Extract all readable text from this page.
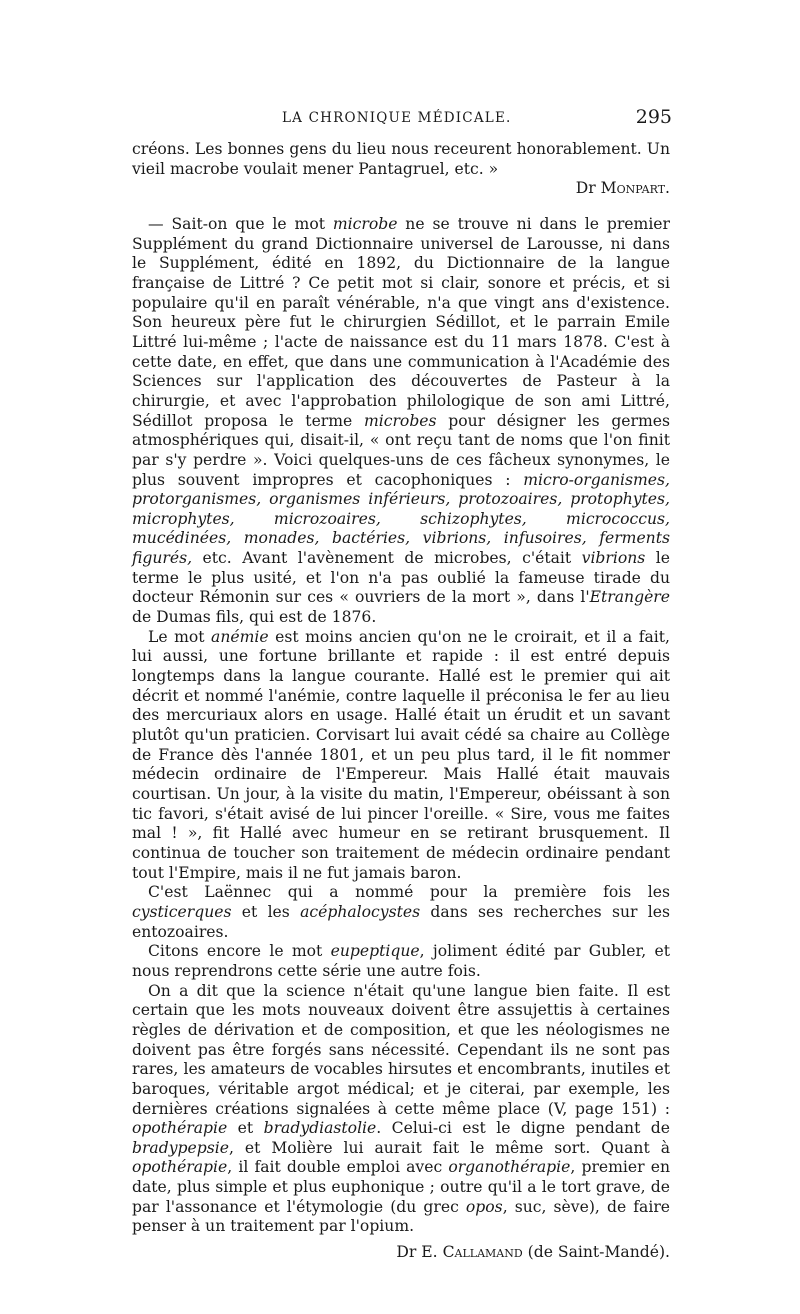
LA CHRONIQUE MÉDICALE.	295

créons. Les bonnes gens du lieu nous receurent honorablement. Un vieil macrobe voulait mener Pantagruel, etc. »

Dr Monpart.

— Sait-on que le mot microbe ne se trouve ni dans le premier Supplément du grand Dictionnaire universel de Larousse, ni dans le Supplément, édité en 1892, du Dictionnaire de la langue française de Littré ? Ce petit mot si clair, sonore et précis, et si populaire qu'il en paraît vénérable, n'a que vingt ans d'existence. Son heureux père fut le chirurgien Sédillot, et le parrain Emile Littré lui-même ; l'acte de naissance est du 11 mars 1878. C'est à cette date, en effet, que dans une communication à l'Académie des Sciences sur l'application des découvertes de Pasteur à la chirurgie, et avec l'approbation philologique de son ami Littré, Sédillot proposa le terme microbes pour désigner les germes atmosphériques qui, disait-il, « ont reçu tant de noms que l'on finit par s'y perdre ». Voici quelques-uns de ces fâcheux synonymes, le plus souvent impropres et cacophoniques : micro-organismes, protorganismes, organismes inférieurs, protozoaires, protophytes, microphytes, microzoaires, schizophytes, micrococcus, mucédinées, monades, bactéries, vibrions, infusoires, ferments figurés, etc. Avant l'avènement de microbes, c'était vibrions le terme le plus usité, et l'on n'a pas oublié la fameuse tirade du docteur Rémonin sur ces « ouvriers de la mort », dans l'Etrangère de Dumas fils, qui est de 1876.

Le mot anémie est moins ancien qu'on ne le croirait, et il a fait, lui aussi, une fortune brillante et rapide : il est entré depuis longtemps dans la langue courante. Hallé est le premier qui ait décrit et nommé l'anémie, contre laquelle il préconisa le fer au lieu des mercuriaux alors en usage. Hallé était un érudit et un savant plutôt qu'un praticien. Corvisart lui avait cédé sa chaire au Collège de France dès l'année 1801, et un peu plus tard, il le fit nommer médecin ordinaire de l'Empereur. Mais Hallé était mauvais courtisan. Un jour, à la visite du matin, l'Empereur, obéissant à son tic favori, s'était avisé de lui pincer l'oreille. « Sire, vous me faites mal ! », fit Hallé avec humeur en se retirant brusquement. Il continua de toucher son traitement de médecin ordinaire pendant tout l'Empire, mais il ne fut jamais baron.

C'est Laënnec qui a nommé pour la première fois les cysticerques et les acéphalocystes dans ses recherches sur les entozoaires.

Citons encore le mot eupeptique, joliment édité par Gubler, et nous reprendrons cette série une autre fois.

On a dit que la science n'était qu'une langue bien faite. Il est certain que les mots nouveaux doivent être assujettis à certaines règles de dérivation et de composition, et que les néologismes ne doivent pas être forgés sans nécessité. Cependant ils ne sont pas rares, les amateurs de vocables hirsutes et encombrants, inutiles et baroques, véritable argot médical; et je citerai, par exemple, les dernières créations signalées à cette même place (V, page 151) : opothérapie et bradydiastolie. Celui-ci est le digne pendant de bradypepsie, et Molière lui aurait fait le même sort. Quant à opothérapie, il fait double emploi avec organothérapie, premier en date, plus simple et plus euphonique ; outre qu'il a le tort grave, de par l'assonance et l'étymologie (du grec opos, suc, sève), de faire penser à un traitement par l'opium.

Dr E. Callamand (de Saint-Mandé).
